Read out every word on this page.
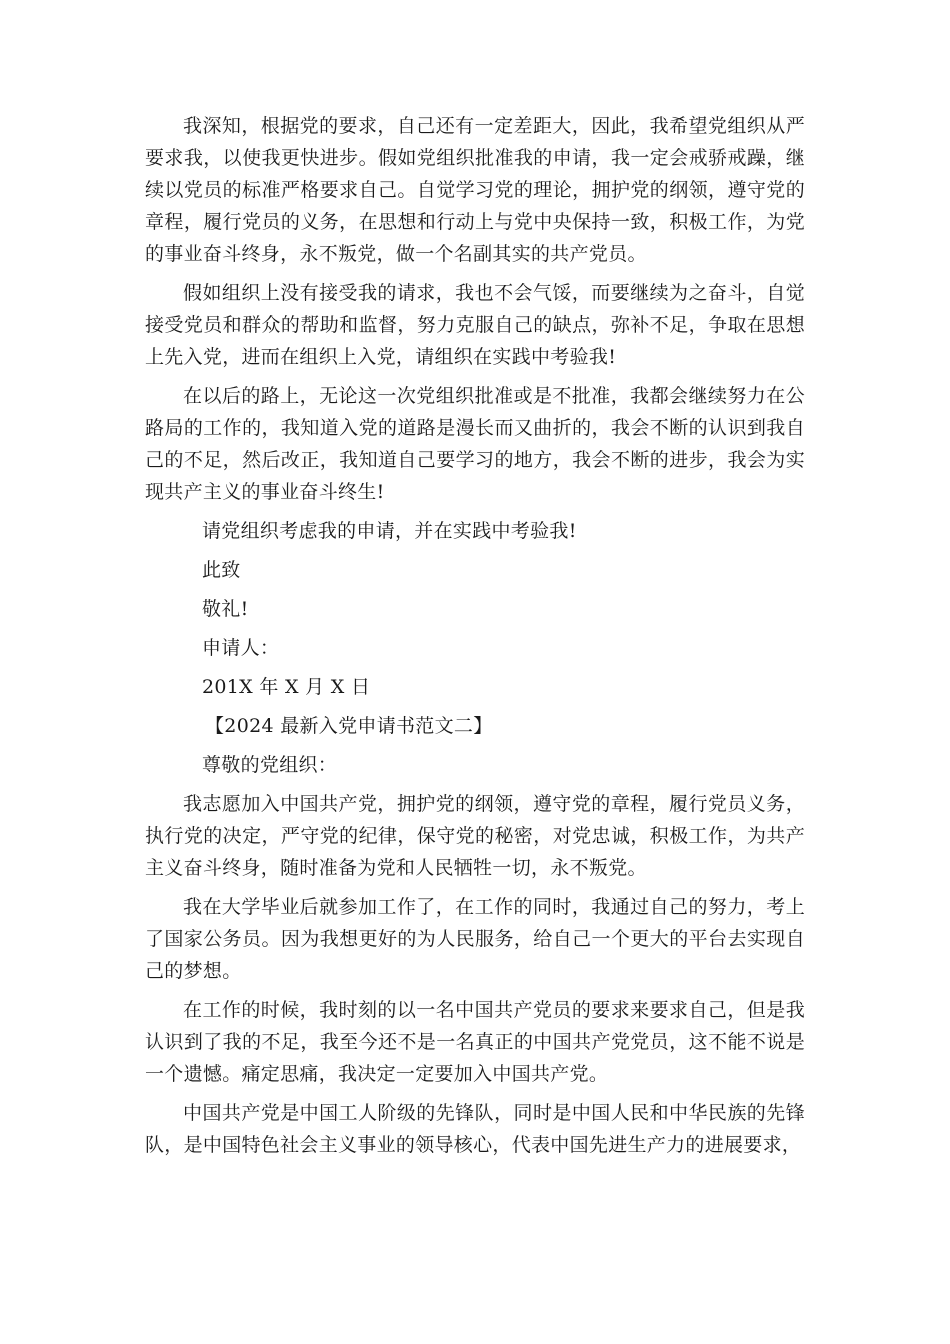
我深知，根据党的要求，自己还有一定差距大，因此，我希望党组织从严要求我，以使我更快进步。假如党组织批准我的申请，我一定会戒骄戒躁，继续以党员的标准严格要求自己。自觉学习党的理论，拥护党的纲领，遵守党的章程，履行党员的义务，在思想和行动上与党中央保持一致，积极工作，为党的事业奋斗终身，永不叛党，做一个名副其实的共产党员。

假如组织上没有接受我的请求，我也不会气馁，而要继续为之奋斗，自觉接受党员和群众的帮助和监督，努力克服自己的缺点，弥补不足，争取在思想上先入党，进而在组织上入党，请组织在实践中考验我!

在以后的路上，无论这一次党组织批准或是不批准，我都会继续努力在公路局的工作的，我知道入党的道路是漫长而又曲折的，我会不断的认识到我自己的不足，然后改正，我知道自己要学习的地方，我会不断的进步，我会为实现共产主义的事业奋斗终生!

请党组织考虑我的申请，并在实践中考验我!

此致

敬礼!

申请人：

201X 年 X 月 X 日

【2024 最新入党申请书范文二】

尊敬的党组织：

我志愿加入中国共产党，拥护党的纲领，遵守党的章程，履行党员义务，执行党的决定，严守党的纪律，保守党的秘密，对党忠诚，积极工作，为共产主义奋斗终身，随时准备为党和人民牺牲一切，永不叛党。

我在大学毕业后就参加工作了，在工作的同时，我通过自己的努力，考上了国家公务员。因为我想更好的为人民服务，给自己一个更大的平台去实现自己的梦想。

在工作的时候，我时刻的以一名中国共产党员的要求来要求自己，但是我认识到了我的不足，我至今还不是一名真正的中国共产党党员，这不能不说是一个遗憾。痛定思痛，我决定一定要加入中国共产党。

中国共产党是中国工人阶级的先锋队，同时是中国人民和中华民族的先锋队，是中国特色社会主义事业的领导核心，代表中国先进生产力的进展要求，
